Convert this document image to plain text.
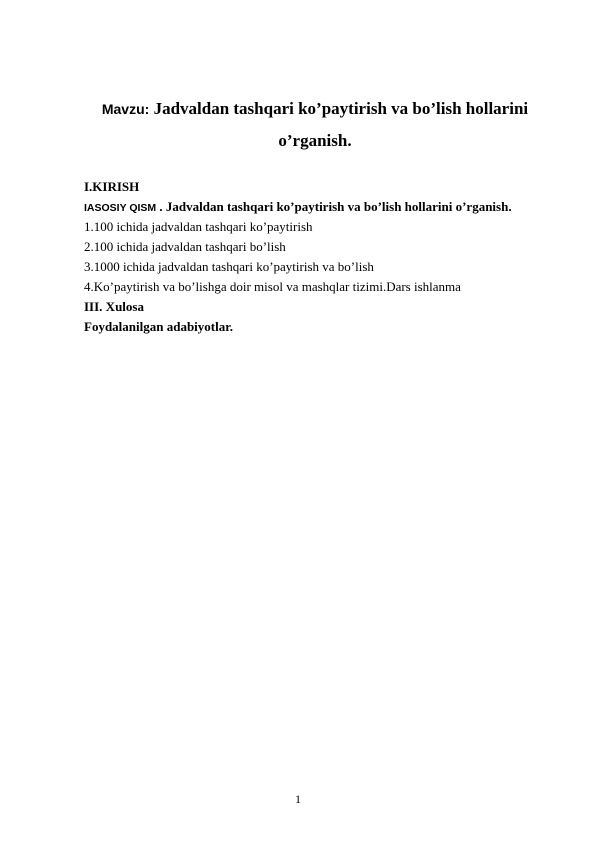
Mavzu: Jadvaldan tashqari ko’paytirish va bo’lish hollarini
o’rganish.
I.KIRISH
IASOSIY QISM . Jadvaldan tashqari ko’paytirish va bo’lish hollarini o’rganish.
1.100 ichida jadvaldan tashqari ko’paytirish
2.100 ichida jadvaldan tashqari bo’lish
3.1000 ichida jadvaldan tashqari ko’paytirish va bo’lish
4.Ko’paytirish va bo’lishga doir misol va mashqlar tizimi.Dars ishlanma
III. Xulosa
Foydalanilgan adabiyotlar.
1
